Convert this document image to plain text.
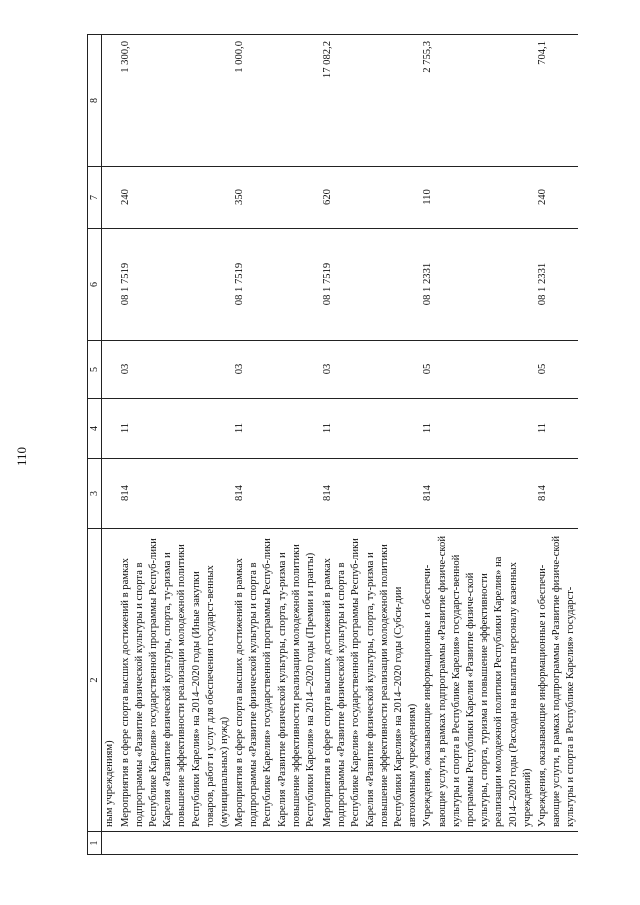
110
1	2	3	4	5	6	7	8
	ным учреждениям)						
	Мероприятия в сфере спорта высших достижений в рамках подпрограммы «Развитие физической культуры и спорта в Республике Карелия» государственной программы Респуб-лики Карелия «Развитие физической культуры, спорта, ту-ризма и повышение эффективности реализации молодежной политики Республики Карелия» на 2014–2020 годы (Иные закупки товаров, работ и услуг для обеспечения государст-венных (муниципальных) нужд)	814	11	03	08 1 7519	240	1 300,0
	Мероприятия в сфере спорта высших достижений в рамках подпрограммы «Развитие физической культуры и спорта в Республике Карелия» государственной программы Респуб-лики Карелия «Развитие физической культуры, спорта, ту-ризма и повышение эффективности реализации молодежной политики Республики Карелия» на 2014–2020 годы (Премии и гранты)	814	11	03	08 1 7519	350	1 000,0
	Мероприятия в сфере спорта высших достижений в рамках подпрограммы «Развитие физической культуры и спорта в Республике Карелия» государственной программы Респуб-лики Карелия «Развитие физической культуры, спорта, ту-ризма и повышение эффективности реализации молодежной политики Республики Карелия» на 2014–2020 годы (Субси-дии автономным учреждениям)	814	11	03	08 1 7519	620	17 082,2
	Учреждения, оказывающие информационные и обеспечи-вающие услуги, в рамках подпрограммы «Развитие физиче-ской культуры и спорта в Республике Карелия» государст-венной программы Республики Карелия «Развитие физиче-ской культуры, спорта, туризма и повышение эффективности реализации молодежной политики Республики Карелия» на 2014–2020 годы (Расходы на выплаты персоналу казенных учреждений)	814	11	05	08 1 2331	110	2 755,3
	Учреждения, оказывающие информационные и обеспечи-вающие услуги, в рамках подпрограммы «Развитие физиче-ской культуры и спорта в Республике Карелия» государст-	814	11	05	08 1 2331	240	704,1
